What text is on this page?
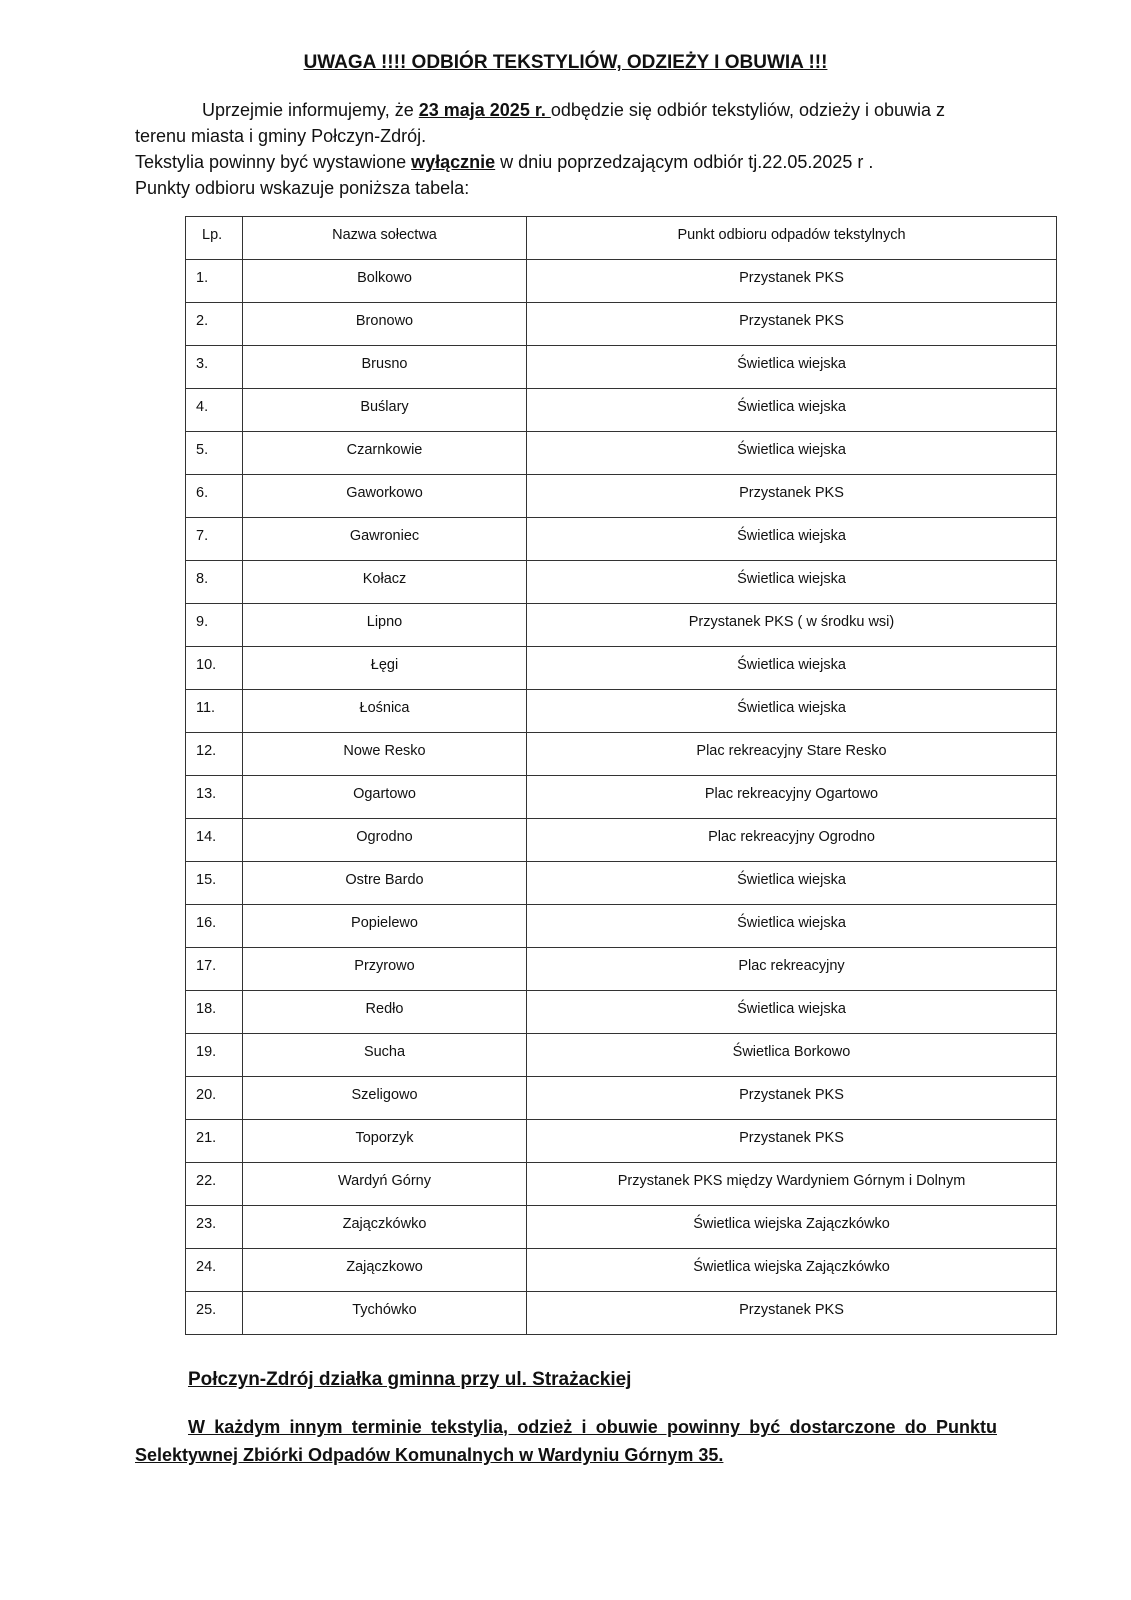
UWAGA !!!! ODBIÓR TEKSTYLIÓW, ODZIEŻY I OBUWIA !!!
Uprzejmie informujemy, że 23 maja 2025 r. odbędzie się odbiór tekstyliów, odzieży i obuwia z
terenu miasta i gminy Połczyn-Zdrój.
Tekstylia powinny być wystawione wyłącznie w dniu poprzedzającym odbiór tj.22.05.2025 r .
Punkty odbioru wskazuje poniższa tabela:
Lp.	Nazwa sołectwa	Punkt odbioru odpadów tekstylnych

1.	Bolkowo	Przystanek PKS

2.	Bronowo	Przystanek PKS

3.	Brusno	Świetlica wiejska

4.	Buślary	Świetlica wiejska

5.	Czarnkowie	Świetlica wiejska

6.	Gaworkowo	Przystanek PKS

7.	Gawroniec	Świetlica wiejska

8.	Kołacz	Świetlica wiejska

9.	Lipno	Przystanek PKS ( w środku wsi)

10.	Łęgi	Świetlica wiejska

11.	Łośnica	Świetlica wiejska

12.	Nowe Resko	Plac rekreacyjny Stare Resko

13.	Ogartowo	Plac rekreacyjny Ogartowo

14.	Ogrodno	Plac rekreacyjny Ogrodno

15.	Ostre Bardo	Świetlica wiejska

16.	Popielewo	Świetlica wiejska

17.	Przyrowo	Plac rekreacyjny

18.	Redło	Świetlica wiejska

19.	Sucha	Świetlica Borkowo

20.	Szeligowo	Przystanek PKS

21.	Toporzyk	Przystanek PKS

22.	Wardyń Górny	Przystanek PKS między Wardyniem Górnym i Dolnym

23.	Zajączkówko	Świetlica wiejska Zajączkówko

24.	Zajączkowo	Świetlica wiejska Zajączkówko

25.	Tychówko	Przystanek PKS
Połczyn-Zdrój działka gminna przy ul. Strażackiej
W każdym innym terminie tekstylia, odzież i obuwie powinny być dostarczone do Punktu Selektywnej Zbiórki Odpadów Komunalnych w Wardyniu Górnym 35.
